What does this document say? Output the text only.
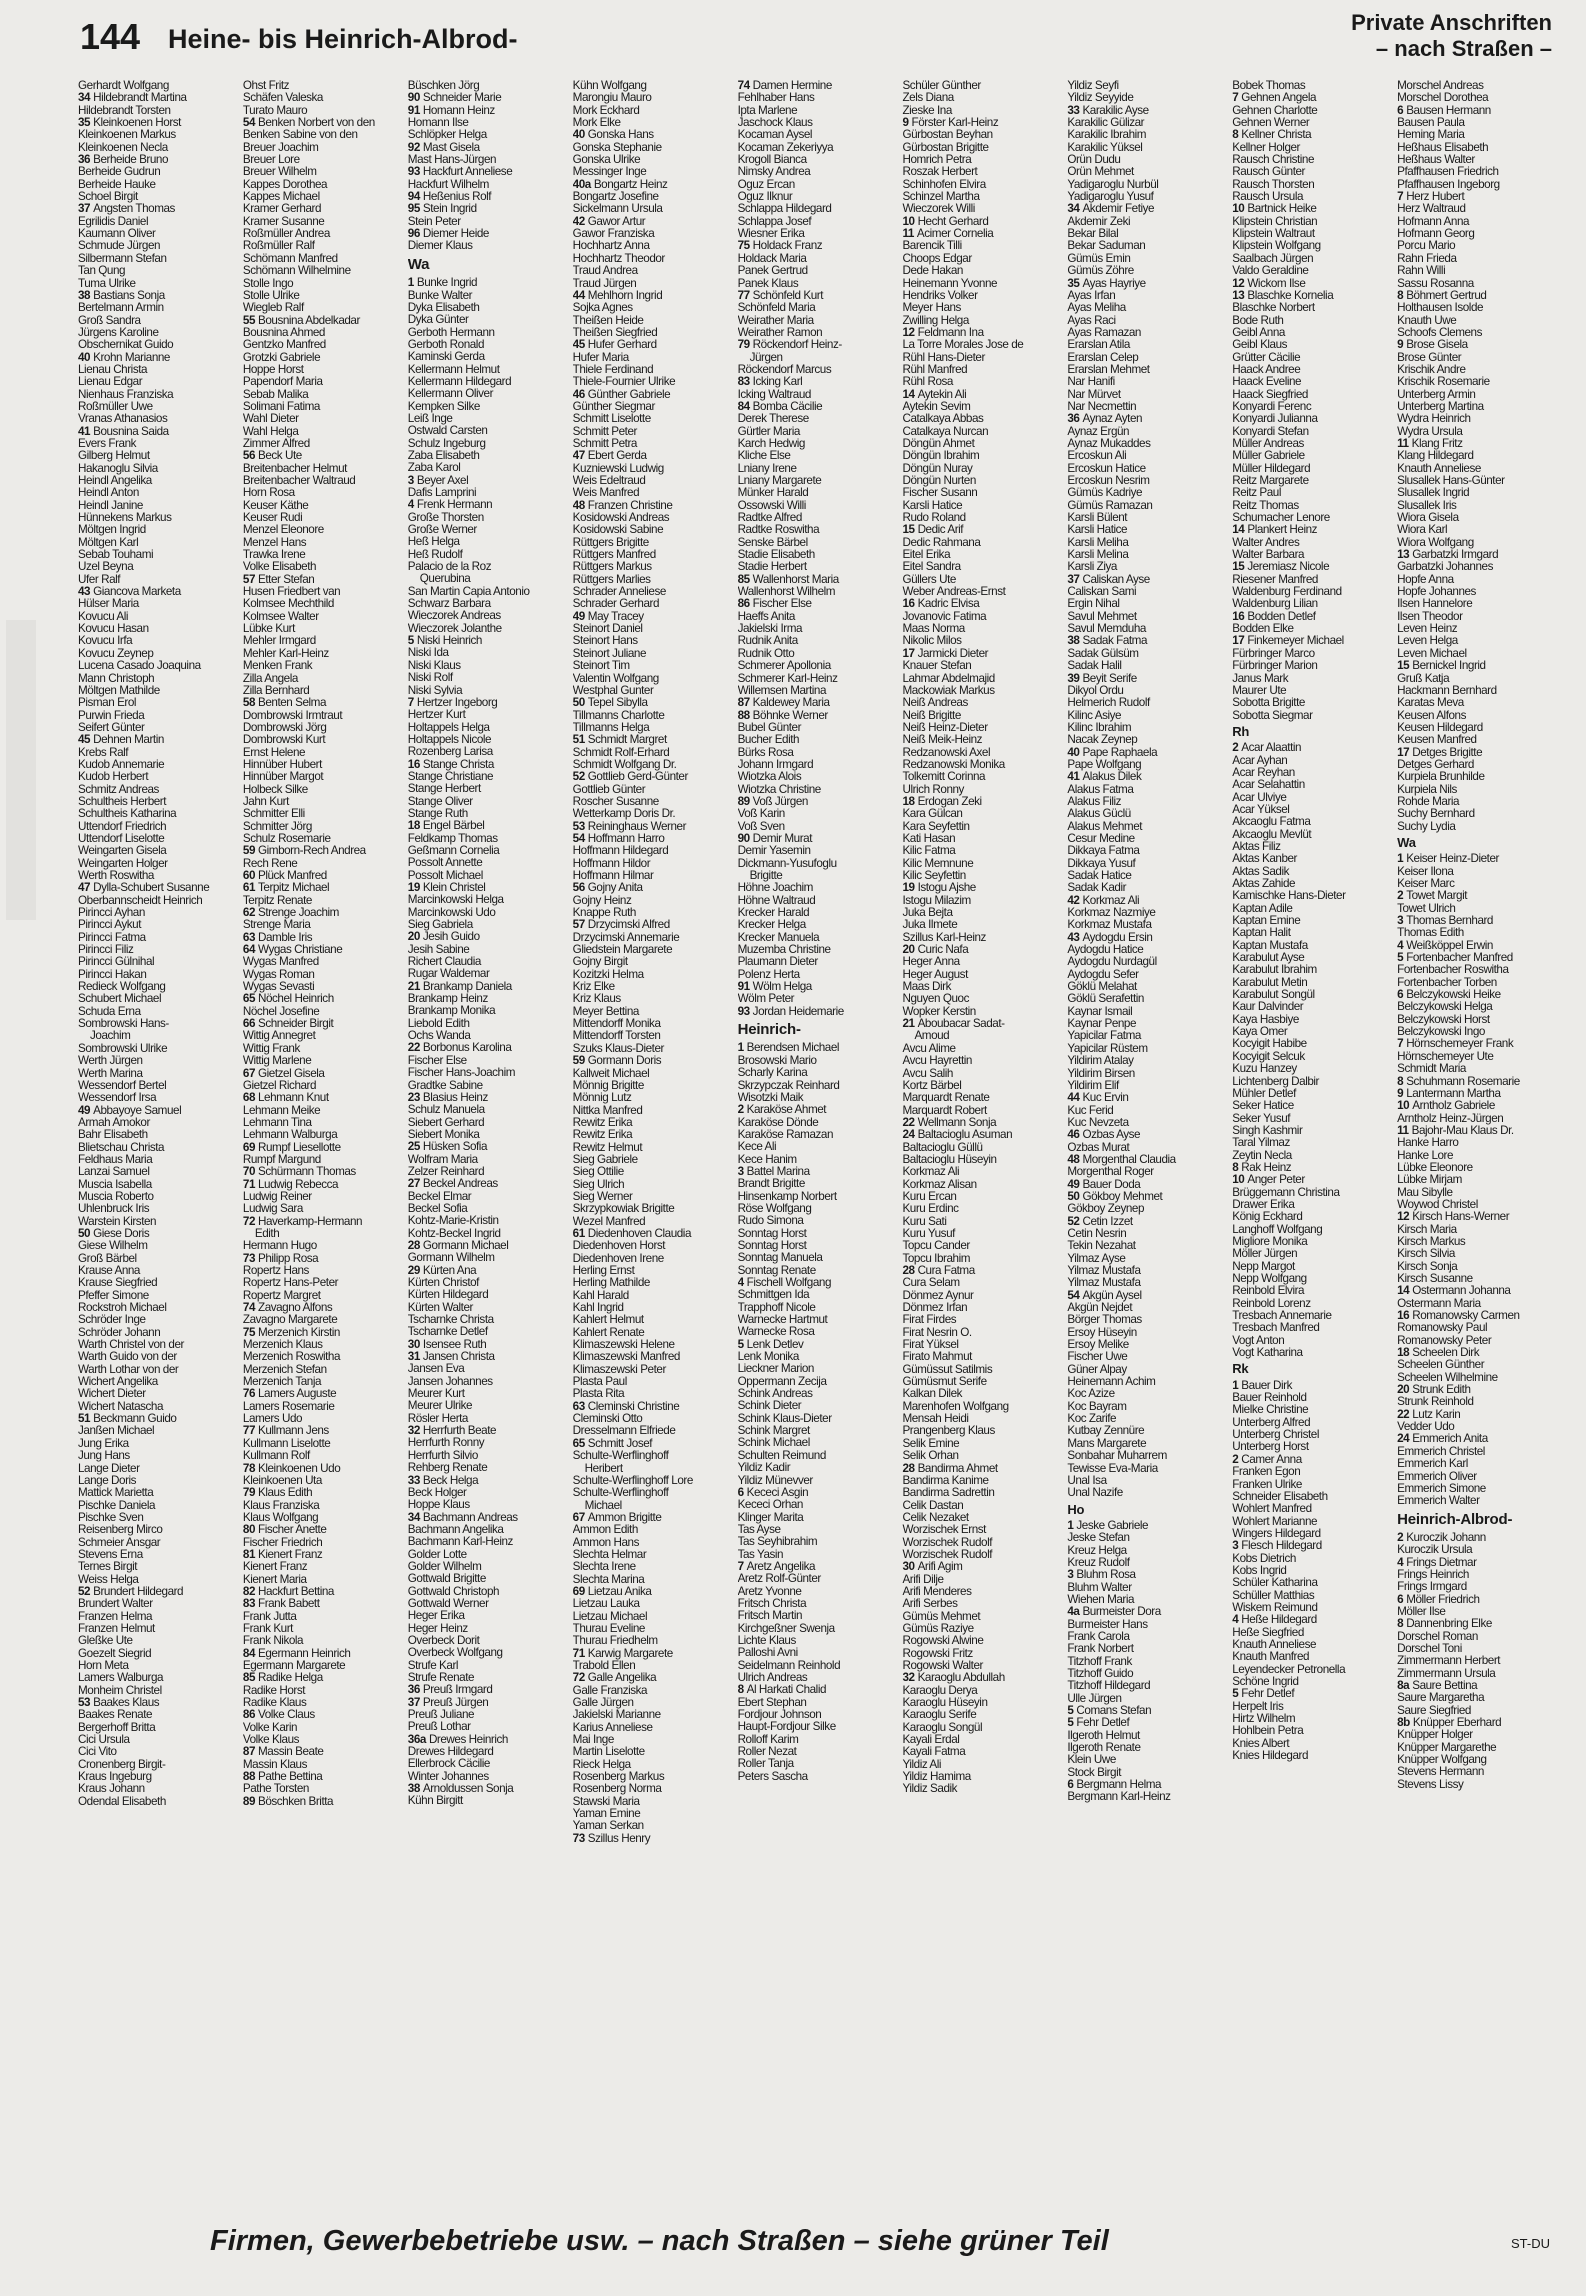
144 Heine- bis Heinrich-Albrod-
Private Anschriften
– nach Straßen –
Gerhardt Wolfgang
34 Hildebrandt Martina
Hildebrandt Torsten
35 Kleinkoenen Horst
Kleinkoenen Markus
Kleinkoenen Necla
36 Berheide Bruno
Berheide Gudrun
Berheide Hauke
Schoel Birgit
37 Angsten Thomas
Egrilidis Daniel
Kaumann Oliver
Schmude Jürgen
Silbermann Stefan
Tan Qung
Tuma Ulrike
38 Bastians Sonja
Bertelmann Armin
Groß Sandra
Jürgens Karoline
Obschernikat Guido
40 Krohn Marianne
Lienau Christa
Lienau Edgar
Nienhaus Franziska
Roßmüller Uwe
Vranas Athanasios
41 Bousnina Saida
Evers Frank
Gilberg Helmut
Hakanoglu Silvia
Heindl Angelika
Heindl Anton
Heindl Janine
Hünnekens Markus
Möltgen Ingrid
Möltgen Karl
Sebab Touhami
Uzel Beyna
Ufer Ralf
43 Giancova Marketa
Hülser Maria
Kovucu Ali
Kovucu Hasan
Kovucu Irfa
Kovucu Zeynep
Lucena Casado Joaquina
Mann Christoph
Möltgen Mathilde
Pisman Erol
Purwin Frieda
Seifert Günter
45 Dehnen Martin
Krebs Ralf
Kudob Annemarie
Kudob Herbert
Schmitz Andreas
Schultheis Herbert
Schultheis Katharina
Uttendorf Friedrich
Uttendorf Liselotte
Weingarten Gisela
Weingarten Holger
Werth Roswitha
47 Dylla-Schubert Susanne
Oberbannscheidt Heinrich
Pirincci Ayhan
Pirincci Aykut
Pirincci Fatma
Pirincci Filiz
Pirincci Gülnihal
Pirincci Hakan
Redieck Wolfgang
Schubert Michael
Schuda Erna
Sombrowski Hans-
Joachim
Sombrowski Ulrike
Werth Jürgen
Werth Marina
Wessendorf Bertel
Wessendorf Irsa
49 Abbayoye Samuel
Armah Amokor
Bahr Elisabeth
Blietschau Christa
Feldhaus Maria
Lanzai Samuel
Muscia Isabella
Muscia Roberto
Uhlenbruck Iris
Warstein Kirsten
50 Giese Doris
Giese Wilhelm
Groß Bärbel
Krause Anna
Krause Siegfried
Pfeffer Simone
Rockstroh Michael
Schröder Inge
Schröder Johann
Warth Christel von der
Warth Guido von der
Warth Lothar von der
Wichert Angelika
Wichert Dieter
Wichert Natascha
51 Beckmann Guido
Janßen Michael
Jung Erika
Jung Hans
Lange Dieter
Lange Doris
Mattick Marietta
Pischke Daniela
Pischke Sven
Reisenberg Mirco
Schmeier Ansgar
Stevens Erna
Ternes Birgit
Weiss Helga
52 Brundert Hildegard
Brundert Walter
Franzen Helma
Franzen Helmut
Gleßke Ute
Goezelt Siegrid
Horn Meta
Lamers Walburga
Monheim Christel
53 Baakes Klaus
Baakes Renate
Bergerhoff Britta
Cici Ursula
Cici Vito
Cronenberg Birgit-
Kraus Ingeburg
Kraus Johann
Odendal Elisabeth
Ohst Fritz
Schäfen Valeska
Turato Mauro
54 Benken Norbert von den
Benken Sabine von den
Breuer Joachim
Breuer Lore
Breuer Wilhelm
Kappes Dorothea
Kappes Michael
Kramer Gerhard
Kramer Susanne
Roßmüller Andrea
Roßmüller Ralf
Schömann Manfred
Schömann Wilhelmine
Stolle Ingo
Stolle Ulrike
Wiegleb Ralf
55 Bousnina Abdelkadar
Bousnina Ahmed
Gentzko Manfred
Grotzki Gabriele
Hoppe Horst
Papendorf Maria
Sebab Malika
Solimani Fatima
Wahl Dieter
Wahl Helga
Zimmer Alfred
56 Beck Ute
Breitenbacher Helmut
Breitenbacher Waltraud
Horn Rosa
Keuser Käthe
Keuser Rudi
Menzel Eleonore
Menzel Hans
Trawka Irene
Volke Elisabeth
57 Etter Stefan
Husen Friedbert van
Kolmsee Mechthild
Kolmsee Walter
Lübke Kurt
Mehler Irmgard
Mehler Karl-Heinz
Menken Frank
Zilla Angela
Zilla Bernhard
58 Benten Selma
Dombrowski Irmtraut
Dombrowski Jörg
Dombrowski Kurt
Ernst Helene
Hinnüber Hubert
Hinnüber Margot
Holbeck Silke
Jahn Kurt
Schmitter Elli
Schmitter Jörg
Schulz Rosemarie
59 Gimborn-Rech Andrea
Rech Rene
60 Plück Manfred
61 Terpitz Michael
Terpitz Renate
62 Strenge Joachim
Strenge Maria
63 Damble Iris
64 Wygas Christiane
Wygas Manfred
Wygas Roman
Wygas Sevasti
65 Nöchel Heinrich
Nöchel Josefine
66 Schneider Birgit
Wittig Annegret
Wittig Frank
Wittig Marlene
67 Gietzel Gisela
Gietzel Richard
68 Lehmann Knut
Lehmann Meike
Lehmann Tina
Lehmann Walburga
69 Rumpf Liesellotte
Rumpf Margund
70 Schürmann Thomas
71 Ludwig Rebecca
Ludwig Reiner
Ludwig Sara
72 Haverkamp-Hermann
Edith
Hermann Hugo
73 Philipp Rosa
Ropertz Hans
Ropertz Hans-Peter
Ropertz Margret
74 Zavagno Alfons
Zavagno Margarete
75 Merzenich Kirstin
Merzenich Klaus
Merzenich Roswitha
Merzenich Stefan
Merzenich Tanja
76 Lamers Auguste
Lamers Rosemarie
Lamers Udo
77 Kullmann Jens
Kullmann Liselotte
Kullmann Rolf
78 Kleinkoenen Udo
Kleinkoenen Uta
79 Klaus Edith
Klaus Franziska
Klaus Wolfgang
80 Fischer Anette
Fischer Friedrich
81 Kienert Franz
Kienert Franz
Kienert Maria
82 Hackfurt Bettina
83 Frank Babett
Frank Jutta
Frank Kurt
Frank Nikola
84 Egermann Heinrich
Egermann Margarete
85 Radike Helga
Radike Horst
Radike Klaus
86 Volke Claus
Volke Karin
Volke Klaus
87 Massin Beate
Massin Klaus
88 Pathe Bettina
Pathe Torsten
89 Böschken Britta
Büschken Jörg
90 Schneider Marie
91 Homann Heinz
Homann Ilse
Schlöpker Helga
92 Mast Gisela
Mast Hans-Jürgen
93 Hackfurt Anneliese
Hackfurt Wilhelm
94 Heßenius Rolf
95 Stein Ingrid
Stein Peter
96 Diemer Heide
Diemer Klaus
Wa
1 Bunke Ingrid
Bunke Walter
Dyka Elisabeth
Dyka Günter
Gerboth Hermann
Gerboth Ronald
Kaminski Gerda
Kellermann Helmut
Kellermann Hildegard
Kellermann Oliver
Kempken Silke
Leiß Inge
Ostwald Carsten
Schulz Ingeburg
Zaba Elisabeth
Zaba Karol
3 Beyer Axel
Dafis Lamprini
4 Frenk Hermann
Große Thorsten
Große Werner
Heß Helga
Heß Rudolf
Palacio de la Roz
Querubina
San Martin Capia Antonio
Schwarz Barbara
Wieczorek Andreas
Wieczorek Jolanthe
5 Niski Heinrich
Niski Ida
Niski Klaus
Niski Rolf
Niski Sylvia
7 Hertzer Ingeborg
Hertzer Kurt
Holtappels Helga
Holtappels Nicole
Rozenberg Larisa
16 Stange Christa
Stange Christiane
Stange Herbert
Stange Oliver
Stange Ruth
18 Engel Bärbel
Feldkamp Thomas
Geßmann Cornelia
Possolt Annette
Possolt Michael
19 Klein Christel
Marcinkowski Helga
Marcinkowski Udo
Sieg Gabriela
20 Jesih Guido
Jesih Sabine
Richert Claudia
Rugar Waldemar
21 Brankamp Daniela
Brankamp Heinz
Brankamp Monika
Liebold Edith
Ochs Wanda
22 Borbonus Karolina
Fischer Else
Fischer Hans-Joachim
Gradtke Sabine
23 Blasius Heinz
Schulz Manuela
Siebert Gerhard
Siebert Monika
25 Hüsken Sofia
Wolfram Maria
Zelzer Reinhard
27 Beckel Andreas
Beckel Elmar
Beckel Sofia
Kohtz-Marie-Kristin
Kohtz-Beckel Ingrid
28 Gormann Michael
Gormann Wilhelm
29 Kürten Ana
Kürten Christof
Kürten Hildegard
Kürten Walter
Tscharnke Christa
Tscharnke Detlef
30 Isensee Ruth
31 Jansen Christa
Jansen Eva
Jansen Johannes
Meurer Kurt
Meurer Ulrike
Rösler Herta
32 Herrfurth Beate
Herrfurth Ronny
Herrfurth Silvio
Rehberg Renate
33 Beck Helga
Beck Holger
Hoppe Klaus
34 Bachmann Andreas
Bachmann Angelika
Bachmann Karl-Heinz
Golder Lotte
Golder Wilhelm
Gottwald Brigitte
Gottwald Christoph
Gottwald Werner
Heger Erika
Heger Heinz
Overbeck Dorit
Overbeck Wolfgang
Strufe Karl
Strufe Renate
36 Preuß Irmgard
37 Preuß Jürgen
Preuß Juliane
Preuß Lothar
36a Drewes Heinrich
Drewes Hildegard
Ellerbrock Cäcilie
Winter Johannes
38 Arnoldussen Sonja
Kühn Birgitt
Kühn Wolfgang
Marongiu Mauro
Mork Eckhard
Mork Elke
40 Gonska Hans
Gonska Stephanie
Gonska Ulrike
Messinger Inge
40a Bongartz Heinz
Bongartz Josefine
Sickelmann Ursula
42 Gawor Artur
Gawor Franziska
Hochhartz Anna
Hochhartz Theodor
Traud Andrea
Traud Jürgen
44 Mehlhorn Ingrid
Sojka Agnes
Theißen Heide
Theißen Siegfried
45 Hufer Gerhard
Hufer Maria
Thiele Ferdinand
Thiele-Fournier Ulrike
46 Günther Gabriele
Günther Siegmar
Schmitt Liselotte
Schmitt Peter
Schmitt Petra
47 Ebert Gerda
Kuzniewski Ludwig
Weis Edeltraud
Weis Manfred
48 Franzen Christine
Kosidowski Andreas
Kosidowski Sabine
Rüttgers Brigitte
Rüttgers Manfred
Rüttgers Markus
Rüttgers Marlies
Schrader Anneliese
Schrader Gerhard
49 May Tracey
Steinort Daniel
Steinort Hans
Steinort Juliane
Steinort Tim
Valentin Wolfgang
Westphal Gunter
50 Tepel Sibylla
Tillmanns Charlotte
Tillmanns Helga
51 Schmidt Margret
Schmidt Rolf-Erhard
Schmidt Wolfgang Dr.
52 Gottlieb Gerd-Günter
Gottlieb Günter
Roscher Susanne
Wetterkamp Doris Dr.
53 Reininghaus Werner
54 Hoffmann Harro
Hoffmann Hildegard
Hoffmann Hildor
Hoffmann Hilmar
56 Gojny Anita
Gojny Heinz
Knappe Ruth
57 Drzycimski Alfred
Drzycimski Annemarie
Gliedstein Margarete
Gojny Birgit
Kozitzki Helma
Kriz Elke
Kriz Klaus
Meyer Bettina
Mittendorff Monika
Mittendorff Torsten
Szuks Klaus-Dieter
59 Gormann Doris
Kallweit Michael
Mönnig Brigitte
Mönnig Lutz
Nittka Manfred
Rewitz Erika
Rewitz Erika
Rewitz Helmut
Sieg Gabriele
Sieg Ottilie
Sieg Ulrich
Sieg Werner
Skrzypkowiak Brigitte
Wezel Manfred
61 Diedenhoven Claudia
Diedenhoven Horst
Diedenhoven Irene
Herling Ernst
Herling Mathilde
Kahl Harald
Kahl Ingrid
Kahlert Helmut
Kahlert Renate
Klimaszewski Helene
Klimaszewski Manfred
Klimaszewski Peter
Plasta Paul
Plasta Rita
63 Cleminski Christine
Cleminski Otto
Dresselmann Elfriede
65 Schmitt Josef
Schulte-Werflinghoff
Heribert
Schulte-Werflinghoff Lore
Schulte-Werflinghoff
Michael
67 Ammon Brigitte
Ammon Edith
Ammon Hans
Slechta Helmar
Slechta Irene
Slechta Marina
69 Lietzau Anika
Lietzau Lauka
Lietzau Michael
Thurau Eveline
Thurau Friedhelm
71 Karwig Margarete
Trabold Ellen
72 Galle Angelika
Galle Franziska
Galle Jürgen
Jakielski Marianne
Karius Anneliese
Mai Inge
Martin Liselotte
Rieck Helga
Rosenberg Markus
Rosenberg Norma
Stawski Maria
Yaman Emine
Yaman Serkan
73 Szillus Henry
74 Damen Hermine
Fehlhaber Hans
Ipta Marlene
Jaschock Klaus
Kocaman Aysel
Kocaman Zekeriyya
Krogoll Bianca
Nimsky Andrea
Oguz Ercan
Oguz Ilknur
Schlappa Hildegard
Schlappa Josef
Wiesner Erika
75 Holdack Franz
Holdack Maria
Panek Gertrud
Panek Klaus
77 Schönfeld Kurt
Schönfeld Maria
Weirather Maria
Weirather Ramon
79 Röckendorf Heinz-
Jürgen
Röckendorf Marcus
83 Icking Karl
Icking Waltraud
84 Bomba Cäcilie
Derek Therese
Gürtler Maria
Karch Hedwig
Kliche Else
Lniany Irene
Lniany Margarete
Münker Harald
Ossowski Willi
Radtke Alfred
Radtke Roswitha
Senske Bärbel
Stadie Elisabeth
Stadie Herbert
85 Wallenhorst Maria
Wallenhorst Wilhelm
86 Fischer Else
Haeffs Anita
Jakielski Irma
Rudnik Anita
Rudnik Otto
Schmerer Apollonia
Schmerer Karl-Heinz
Willemsen Martina
87 Kaldewey Maria
88 Böhnke Werner
Bubel Günter
Bucher Edith
Bürks Rosa
Johann Irmgard
Wiotzka Alois
Wiotzka Christine
89 Voß Jürgen
Voß Karin
Voß Sven
90 Demir Murat
Demir Yasemin
Dickmann-Yusufoglu
Brigitte
Höhne Joachim
Höhne Waltraud
Krecker Harald
Krecker Helga
Krecker Manuela
Muzemba Christine
Plaumann Dieter
Polenz Herta
91 Wölm Helga
Wölm Peter
93 Jordan Heidemarie
Heinrich-
1 Berendsen Michael
Brosowski Mario
Scharly Karina
Skrzypczak Reinhard
Wisotzki Maik
2 Karaköse Ahmet
Karaköse Dönde
Karaköse Ramazan
Kece Ali
Kece Hanim
3 Battel Marina
Brandt Brigitte
Hinsenkamp Norbert
Röse Wolfgang
Rudo Simona
Sonntag Horst
Sonntag Horst
Sonntag Manuela
Sonntag Renate
4 Fischell Wolfgang
Schmittgen Ida
Trapphoff Nicole
Warnecke Hartmut
Warnecke Rosa
5 Lenk Detlev
Lenk Monika
Lieckner Marion
Oppermann Zecija
Schink Andreas
Schink Dieter
Schink Klaus-Dieter
Schink Margret
Schink Michael
Schulten Reimund
Yildiz Kadir
Yildiz Münevver
6 Kececi Asgin
Kececi Orhan
Klinger Marita
Tas Ayse
Tas Seyhibrahim
Tas Yasin
7 Aretz Angelika
Aretz Rolf-Günter
Aretz Yvonne
Fritsch Christa
Fritsch Martin
Kirchgeßner Swenja
Lichte Klaus
Palloshi Avni
Seidelmann Reinhold
Ulrich Andreas
8 Al Harkati Chalid
Ebert Stephan
Fordjour Johnson
Haupt-Fordjour Silke
Rolloff Karim
Roller Nezat
Roller Tanja
Peters Sascha
Schüler Günther
Zels Diana
Zieske Ina
9 Förster Karl-Heinz
Gürbostan Beyhan
Gürbostan Brigitte
Homrich Petra
Roszak Herbert
Schinhofen Elvira
Schinzel Martha
Wieczorek Willi
10 Hecht Gerhard
11 Acimer Cornelia
Barencik Tilli
Choops Edgar
Dede Hakan
Heinemann Yvonne
Hendriks Volker
Meyer Hans
Zwilling Helga
12 Feldmann Ina
La Torre Morales Jose de
Rühl Hans-Dieter
Rühl Manfred
Rühl Rosa
14 Aytekin Ali
Aytekin Sevim
Catalkaya Abbas
Catalkaya Nurcan
Döngün Ahmet
Döngün Ibrahim
Döngün Nuray
Döngün Nurten
Fischer Susann
Karsli Hatice
Rudo Roland
15 Dedic Arif
Dedic Rahmana
Eitel Erika
Eitel Sandra
Güllers Ute
Weber Andreas-Ernst
16 Kadric Elvisa
Jovanovic Fatima
Maas Norma
Nikolic Milos
17 Jarmicki Dieter
Knauer Stefan
Lahmar Abdelmajid
Mackowiak Markus
Neiß Andreas
Neiß Brigitte
Neiß Heinz-Dieter
Neiß Meik-Heinz
Redzanowski Axel
Redzanowski Monika
Tolkemitt Corinna
Ulrich Ronny
18 Erdogan Zeki
Kara Gülcan
Kara Seyfettin
Kati Hasan
Kilic Fatma
Kilic Memnune
Kilic Seyfettin
19 Istogu Ajshe
Istogu Milazim
Juka Bejta
Juka Ilmete
Szillus Karl-Heinz
20 Curic Nafa
Heger Anna
Heger August
Maas Dirk
Nguyen Quoc
Wopker Kerstin
21 Aboubacar Sadat-
Amoud
Avcu Alime
Avcu Hayrettin
Avcu Salih
Kortz Bärbel
Marquardt Renate
Marquardt Robert
22 Wellmann Sonja
24 Baltacioglu Asuman
Baltacioglu Güllü
Baltacioglu Hüseyin
Korkmaz Ali
Korkmaz Alisan
Kuru Ercan
Kuru Erdinc
Kuru Sati
Kuru Yusuf
Topcu Cander
Topcu Ibrahim
28 Cura Fatma
Cura Selam
Dönmez Aynur
Dönmez Irfan
Firat Firdes
Firat Nesrin O.
Firat Yüksel
Firato Mahmut
Gümüssut Satilmis
Gümüsmut Serife
Kalkan Dilek
Marenhofen Wolfgang
Mensah Heidi
Prangenberg Klaus
Selik Emine
Selik Orhan
28 Bandirma Ahmet
Bandirma Kanime
Bandirma Sadrettin
Celik Dastan
Celik Nezaket
Worzischek Ernst
Worzischek Rudolf
Worzischek Rudolf
30 Arifi Agim
Arifi Dilje
Arifi Menderes
Arifi Serbes
Gümüs Mehmet
Gümüs Raziye
Rogowski Alwine
Rogowski Fritz
Rogowski Walter
32 Karaoglu Abdullah
Karaoglu Derya
Karaoglu Hüseyin
Karaoglu Serife
Karaoglu Songül
Kayali Erdal
Kayali Fatma
Yildiz Ali
Yildiz Hamima
Yildiz Sadik
Yildiz Seyfi
Yildiz Seyyide
33 Karakilic Ayse
Karakilic Gülizar
Karakilic Ibrahim
Karakilic Yüksel
Örün Dudu
Örün Mehmet
Yadigaroglu Nurbül
Yadigaroglu Yusuf
34 Akdemir Fetiye
Akdemir Zeki
Bekar Bilal
Bekar Saduman
Gümüs Emin
Gümüs Zöhre
35 Ayas Hayriye
Ayas Irfan
Ayas Meliha
Ayas Raci
Ayas Ramazan
Erarslan Atila
Erarslan Celep
Erarslan Mehmet
Nar Hanifi
Nar Mürvet
Nar Necmettin
36 Aynaz Ayten
Aynaz Ergün
Aynaz Mukaddes
Ercoskun Ali
Ercoskun Hatice
Ercoskun Nesrim
Gümüs Kadriye
Gümüs Ramazan
Karsli Bülent
Karsli Hatice
Karsli Meliha
Karsli Melina
Karsli Ziya
37 Caliskan Ayse
Caliskan Sami
Ergin Nihal
Savul Mehmet
Savul Memduha
38 Sadak Fatma
Sadak Gülsüm
Sadak Halil
39 Beyit Serife
Dikyol Ordu
Helmerich Rudolf
Kilinc Asiye
Kilinc Ibrahim
Nacak Zeynep
40 Pape Raphaela
Pape Wolfgang
41 Alakus Dilek
Alakus Fatma
Alakus Filiz
Alakus Güclü
Alakus Mehmet
Cesur Medine
Dikkaya Fatma
Dikkaya Yusuf
Sadak Hatice
Sadak Kadir
42 Korkmaz Ali
Korkmaz Nazmiye
Korkmaz Mustafa
43 Aydogdu Ersin
Aydogdu Hatice
Aydogdu Nurdagül
Aydogdu Sefer
Göklü Melahat
Göklü Serafettin
Kaynar Ismail
Kaynar Penpe
Yapicilar Fatma
Yapicilar Rüstem
Yildirim Atalay
Yildirim Birsen
Yildirim Elif
44 Kuc Ervin
Kuc Ferid
Kuc Nevzeta
46 Ozbas Ayse
Ozbas Murat
48 Morgenthal Claudia
Morgenthal Roger
49 Bauer Doda
50 Gökboy Mehmet
Gökboy Zeynep
52 Cetin Izzet
Cetin Nesrin
Tekin Nezahat
Yilmaz Ayse
Yilmaz Mustafa
Yilmaz Mustafa
54 Akgün Aysel
Akgün Nejdet
Börger Thomas
Ersoy Hüseyin
Ersoy Melike
Fischer Uwe
Güner Alpay
Heinemann Achim
Koc Azize
Koc Bayram
Koc Zarife
Kutbay Zennüre
Mans Margarete
Sonbahar Muharrem
Tewisse Eva-Maria
Ünal Isa
Ünal Nazife
Ho
1 Jeske Gabriele
Jeske Stefan
Kreuz Helga
Kreuz Rudolf
3 Bluhm Rosa
Bluhm Walter
Wiehen Maria
4a Burmeister Dora
Burmeister Hans
Frank Carola
Frank Norbert
Titzhoff Frank
Titzhoff Guido
Titzhoff Hildegard
Ulle Jürgen
5 Comans Stefan
5 Fehr Detlef
Ilgeroth Helmut
Ilgeroth Renate
Klein Uwe
Stock Birgit
6 Bergmann Helma
Bergmann Karl-Heinz
Bobek Thomas
7 Gehnen Angela
Gehnen Charlotte
Gehnen Werner
8 Kellner Christa
Kellner Holger
Rausch Christine
Rausch Günter
Rausch Thorsten
Rausch Ursula
10 Bartnick Heike
Klipstein Christian
Klipstein Waltraut
Klipstein Wolfgang
Saalbach Jürgen
Valdo Geraldine
12 Wickom Ilse
13 Blaschke Kornelia
Blaschke Norbert
Bode Ruth
Geibl Anna
Geibl Klaus
Grütter Cäcilie
Haack Andree
Haack Eveline
Haack Siegfried
Konyardi Ferenc
Konyardi Julianna
Konyardi Stefan
Müller Andreas
Müller Gabriele
Müller Hildegard
Reitz Margarete
Reitz Paul
Reitz Thomas
Schumacher Lenore
14 Plankert Heinz
Walter Andres
Walter Barbara
15 Jeremiasz Nicole
Riesener Manfred
Waldenburg Ferdinand
Waldenburg Lilian
16 Bodden Detlef
Bodden Elke
17 Finkemeyer Michael
Fürbringer Marco
Fürbringer Marion
Janus Mark
Maurer Ute
Sobotta Brigitte
Sobotta Siegmar
Rh
2 Acar Alaattin
Acar Ayhan
Acar Reyhan
Acar Selahattin
Acar Ulviye
Acar Yüksel
Akcaoglu Fatma
Akcaoglu Mevlüt
Aktas Filiz
Aktas Kanber
Aktas Sadik
Aktas Zahide
Kamischke Hans-Dieter
Kaptan Adile
Kaptan Emine
Kaptan Halit
Kaptan Mustafa
Karabulut Ayse
Karabulut Ibrahim
Karabulut Metin
Karabulut Songül
Kaur Dalvinder
Kaya Hasbiye
Kaya Ömer
Kocyigit Habibe
Kocyigit Selcuk
Kuzu Hanzey
Lichtenberg Dalbir
Mühler Detlef
Seker Hatice
Seker Yusuf
Singh Kashmir
Taral Yilmaz
Zeytin Necla
8 Rak Heinz
10 Anger Peter
Brüggemann Christina
Drawer Erika
König Eckhard
Langhoff Wolfgang
Migliore Monika
Möller Jürgen
Nepp Margot
Nepp Wolfgang
Reinbold Elvira
Reinbold Lorenz
Tresbach Annemarie
Tresbach Manfred
Vogt Anton
Vogt Katharina
Rk
1 Bauer Dirk
Bauer Reinhold
Mielke Christine
Unterberg Alfred
Unterberg Christel
Unterberg Horst
2 Camer Anna
Franken Egon
Franken Ulrike
Schneider Elisabeth
Wohlert Manfred
Wohlert Marianne
Wingers Hildegard
3 Flesch Hildegard
Kobs Dietrich
Kobs Ingrid
Schüler Katharina
Schüller Matthias
Wiskem Reimund
4 Heße Hildegard
Heße Siegfried
Knauth Anneliese
Knauth Manfred
Leyendecker Petronella
Schöne Ingrid
5 Fehr Detlef
Herpelt Iris
Hirtz Wilhelm
Hohlbein Petra
Knies Albert
Knies Hildegard
Morschel Andreas
Morschel Dorothea
6 Bausen Hermann
Bausen Paula
Heming Maria
Heßhaus Elisabeth
Heßhaus Walter
Pfaffhausen Friedrich
Pfaffhausen Ingeborg
7 Herz Hubert
Herz Waltraud
Hofmann Anna
Hofmann Georg
Porcu Mario
Rahn Frieda
Rahn Willi
Sassu Rosanna
8 Böhmert Gertrud
Holthausen Isolde
Knauth Uwe
Schoofs Clemens
9 Brose Gisela
Brose Günter
Krischik Andre
Krischik Rosemarie
Unterberg Armin
Unterberg Martina
Wydra Heinrich
Wydra Ursula
11 Klang Fritz
Klang Hildegard
Knauth Anneliese
Slusallek Hans-Günter
Slusallek Ingrid
Slusallek Iris
Wiora Gisela
Wiora Karl
Wiora Wolfgang
13 Garbatzki Irmgard
Garbatzki Johannes
Hopfe Anna
Hopfe Johannes
Ilsen Hannelore
Ilsen Theodor
Leven Heinz
Leven Helga
Leven Michael
15 Bernickel Ingrid
Gruß Katja
Hackmann Bernhard
Karatas Meva
Keusen Alfons
Keusen Hildegard
Keusen Manfred
17 Detges Brigitte
Detges Gerhard
Kurpiela Brunhilde
Kurpiela Nils
Rohde Maria
Suchy Bernhard
Suchy Lydia
Wa
1 Keiser Heinz-Dieter
Keiser Ilona
Keiser Marc
2 Towet Margit
Towet Ulrich
3 Thomas Bernhard
Thomas Edith
4 Weißköppel Erwin
5 Fortenbacher Manfred
Fortenbacher Roswitha
Fortenbacher Torben
6 Belczykowski Heike
Belczykowski Helga
Belczykowski Horst
Belczykowski Ingo
7 Hörnschemeyer Frank
Hörnschemeyer Ute
Schmidt Maria
8 Schuhmann Rosemarie
9 Lantermann Martha
10 Arntholz Gabriele
Arntholz Heinz-Jürgen
11 Bajohr-Mau Klaus Dr.
Hanke Harro
Hanke Lore
Lübke Eleonore
Lübke Mirjam
Mau Sibylle
Woywod Christel
12 Kirsch Hans-Werner
Kirsch Maria
Kirsch Markus
Kirsch Silvia
Kirsch Sonja
Kirsch Susanne
14 Ostermann Johanna
Ostermann Maria
16 Romanowsky Carmen
Romanowsky Paul
Romanowsky Peter
18 Scheelen Dirk
Scheelen Günther
Scheelen Wilhelmine
20 Strunk Edith
Strunk Reinhold
22 Lutz Karin
Vedder Udo
24 Emmerich Anita
Emmerich Christel
Emmerich Karl
Emmerich Oliver
Emmerich Simone
Emmerich Walter
Heinrich-Albrod-
2 Kuroczik Johann
Kuroczik Ursula
4 Frings Dietmar
Frings Heinrich
Frings Irmgard
6 Möller Friedrich
Möller Ilse
8 Dannenbring Elke
Dorschel Roman
Dorschel Toni
Zimmermann Herbert
Zimmermann Ursula
8a Saure Bettina
Saure Margaretha
Saure Siegfried
8b Knüpper Eberhard
Knüpper Holger
Knüpper Margarethe
Knüpper Wolfgang
Stevens Hermann
Stevens Lissy
Firmen, Gewerbebetriebe usw. – nach Straßen – siehe grüner Teil	ST-DU
